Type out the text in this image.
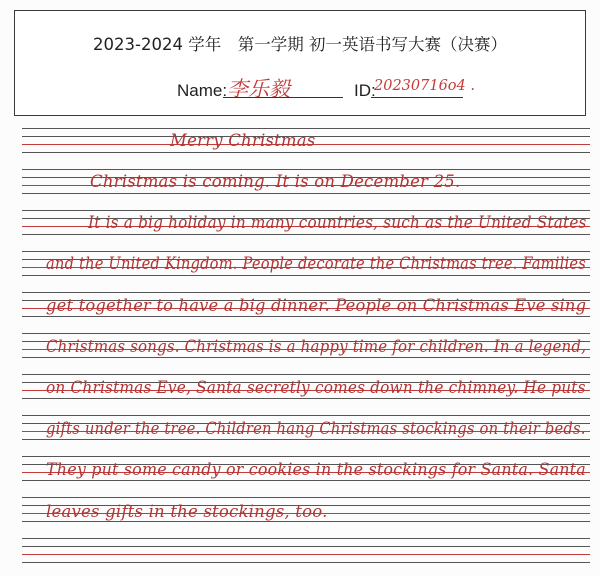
2023-2024 学年　第一学期 初一英语书写大赛（决赛）
Name: 李乐毅	ID:
20230716o4 .
Merry Christmas
Christmas is coming. It is on December 25.
It is a big holiday in many countries, such as the United States
and the United Kingdom. People decorate the Christmas tree. Families
get together to have a big dinner. People on Christmas Eve sing
Christmas songs. Christmas is a happy time for children. In a legend,
on Christmas Eve, Santa secretly comes down the chimney. He puts
gifts under the tree. Children hang Christmas stockings on their beds.
They put some candy or cookies in the stockings for Santa. Santa
leaves gifts in the stockings, too.
